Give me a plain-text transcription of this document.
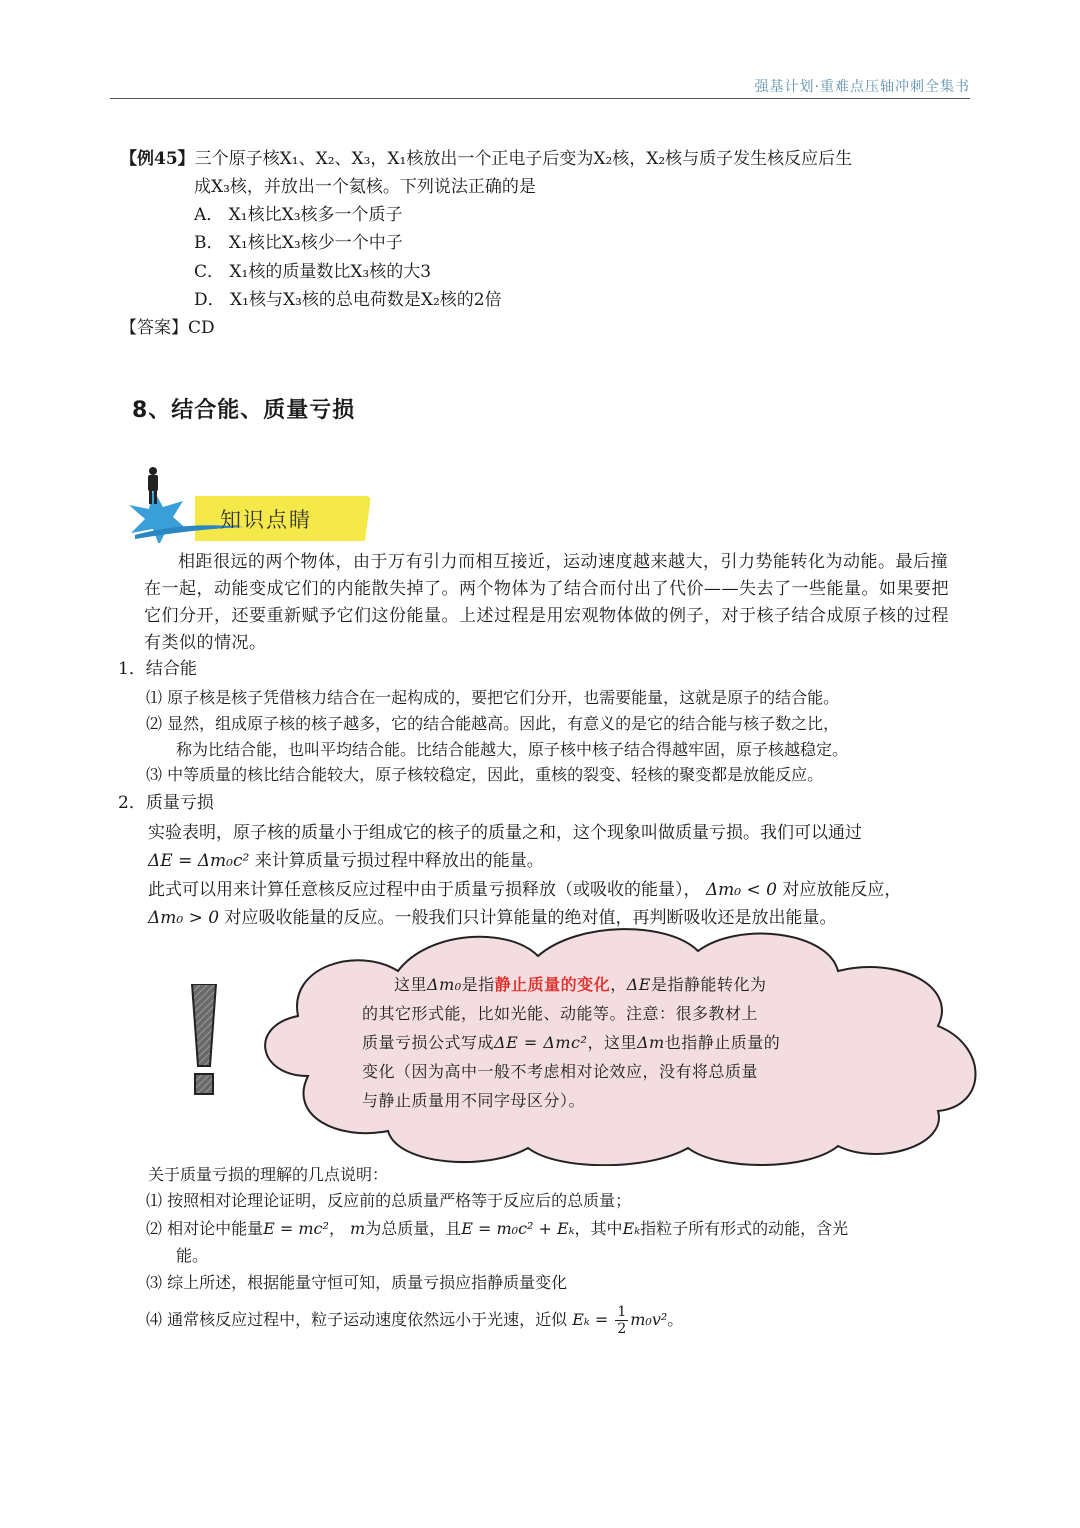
强基计划·重难点压轴冲刺全集书
【例45】三个原子核X₁、X₂、X₃，X₁核放出一个正电子后变为X₂核，X₂核与质子发生核反应后生
成X₃核，并放出一个氦核。下列说法正确的是
A． X₁核比X₃核多一个质子
B． X₁核比X₃核少一个中子
C． X₁核的质量数比X₃核的大3
D． X₁核与X₃核的总电荷数是X₂核的2倍
【答案】CD
8、结合能、质量亏损
知识点睛
相距很远的两个物体，由于万有引力而相互接近，运动速度越来越大，引力势能转化为动能。最后撞在一起，动能变成它们的内能散失掉了。两个物体为了结合而付出了代价——失去了一些能量。如果要把它们分开，还要重新赋予它们这份能量。上述过程是用宏观物体做的例子，对于核子结合成原子核的过程有类似的情况。
1．结合能
⑴ 原子核是核子凭借核力结合在一起构成的，要把它们分开，也需要能量，这就是原子的结合能。
⑵ 显然，组成原子核的核子越多，它的结合能越高。因此，有意义的是它的结合能与核子数之比，
称为比结合能，也叫平均结合能。比结合能越大，原子核中核子结合得越牢固，原子核越稳定。
⑶ 中等质量的核比结合能较大，原子核较稳定，因此，重核的裂变、轻核的聚变都是放能反应。
2．质量亏损
实验表明，原子核的质量小于组成它的核子的质量之和，这个现象叫做质量亏损。我们可以通过
ΔE = Δm₀c² 来计算质量亏损过程中释放出的能量。
此式可以用来计算任意核反应过程中由于质量亏损释放（或吸收的能量）， Δm₀ < 0 对应放能反应，
Δm₀ > 0 对应吸收能量的反应。一般我们只计算能量的绝对值，再判断吸收还是放出能量。
这里Δm₀是指静止质量的变化，ΔE是指静能转化为
的其它形式能，比如光能、动能等。注意：很多教材上
质量亏损公式写成ΔE = Δmc²，这里Δm也指静止质量的
变化（因为高中一般不考虑相对论效应，没有将总质量
与静止质量用不同字母区分）。
关于质量亏损的理解的几点说明：
⑴ 按照相对论理论证明，反应前的总质量严格等于反应后的总质量；
⑵ 相对论中能量E = mc²， m为总质量，且E = m₀c² + Eₖ，其中Eₖ指粒子所有形式的动能，含光
能。
⑶ 综上所述，根据能量守恒可知，质量亏损应指静质量变化
⑷ 通常核反应过程中，粒子运动速度依然远小于光速，近似 $E_k = \frac{1}{2} m_0v^2$。
